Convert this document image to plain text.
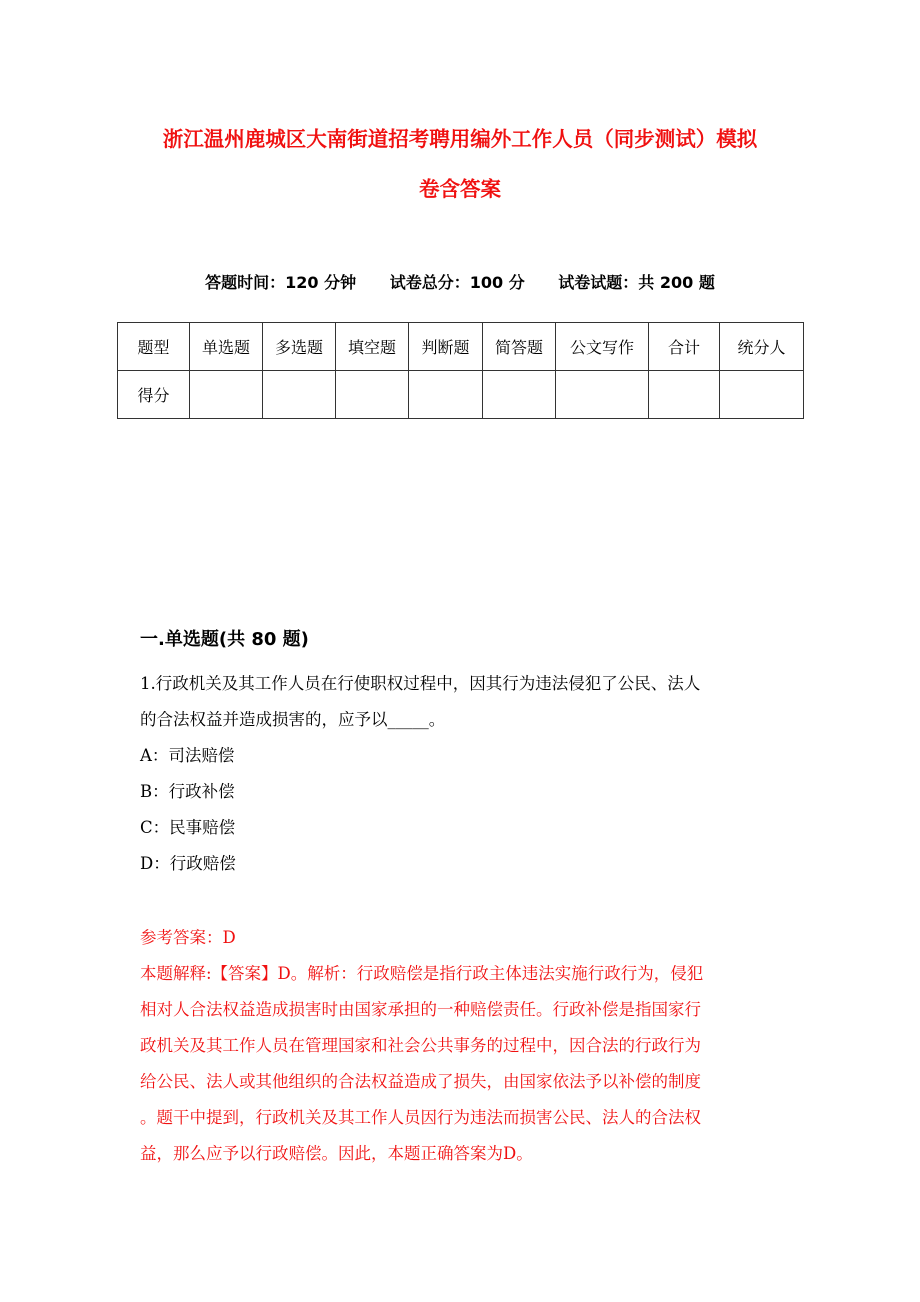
浙江温州鹿城区大南街道招考聘用编外工作人员（同步测试）模拟
卷含答案
答题时间：120 分钟 试卷总分：100 分 试卷试题：共 200 题
题型	单选题	多选题	填空题	判断题	简答题	公文写作	合计	统分人
得分								
一.单选题(共 80 题)
1.行政机关及其工作人员在行使职权过程中，因其行为违法侵犯了公民、法人
的合法权益并造成损害的，应予以_____。
A：司法赔偿
B：行政补偿
C：民事赔偿
D：行政赔偿
参考答案：D
本题解释:【答案】D。解析：行政赔偿是指行政主体违法实施行政行为，侵犯
相对人合法权益造成损害时由国家承担的一种赔偿责任。行政补偿是指国家行
政机关及其工作人员在管理国家和社会公共事务的过程中，因合法的行政行为
给公民、法人或其他组织的合法权益造成了损失，由国家依法予以补偿的制度
。题干中提到，行政机关及其工作人员因行为违法而损害公民、法人的合法权
益，那么应予以行政赔偿。因此，本题正确答案为D。
